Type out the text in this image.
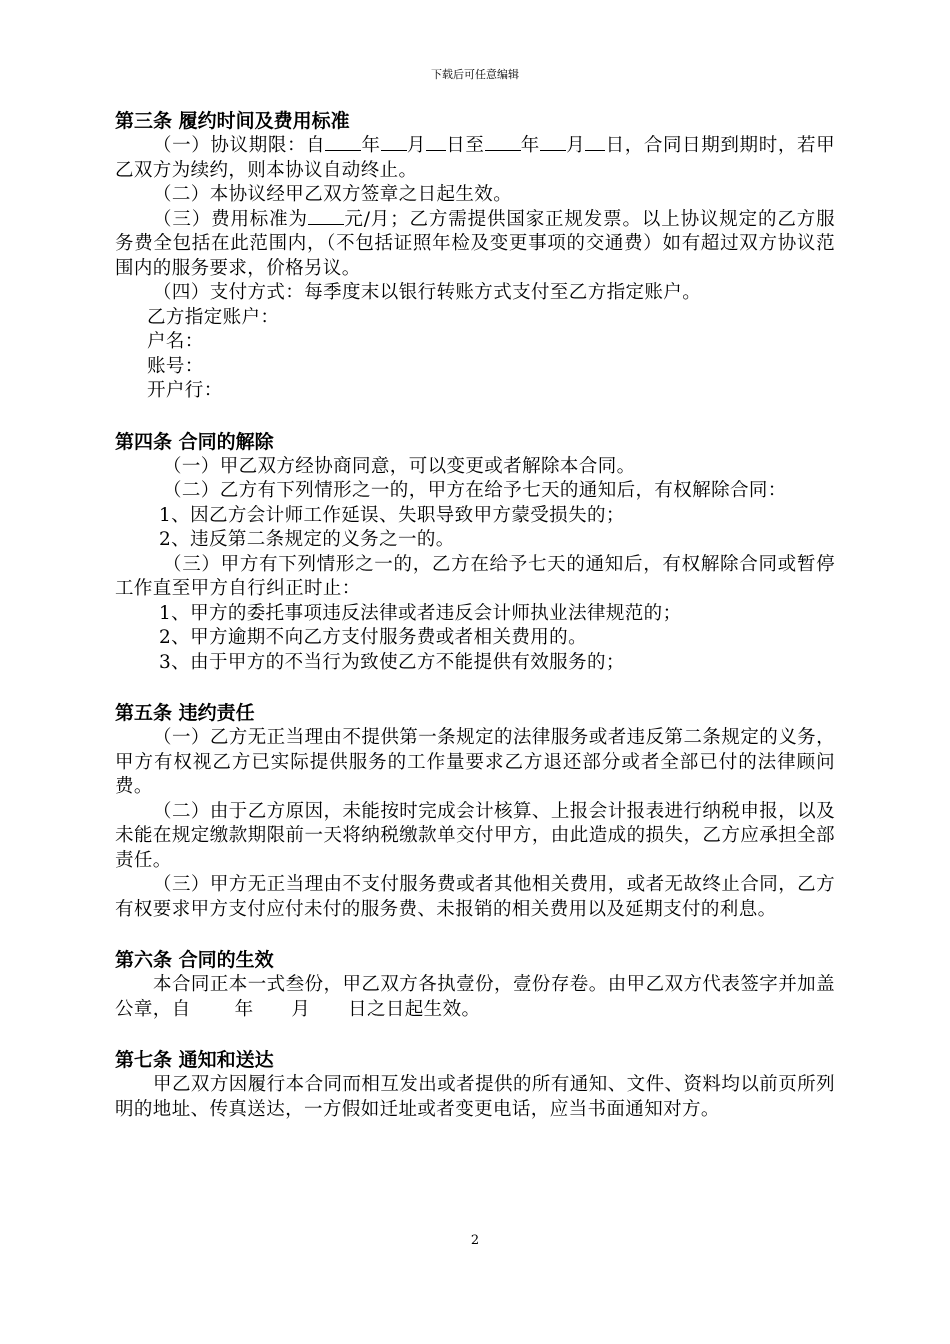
下载后可任意编辑
第三条 履约时间及费用标准
（一）协议期限：自 年 月 日至 年 月 日，合同日期到期时，若甲乙双方为续约，则本协议自动终止。
（二）本协议经甲乙双方签章之日起生效。
（三）费用标准为 元/月；乙方需提供国家正规发票。以上协议规定的乙方服务费全包括在此范围内，（不包括证照年检及变更事项的交通费）如有超过双方协议范围内的服务要求，价格另议。
（四）支付方式：每季度末以银行转账方式支付至乙方指定账户。
乙方指定账户：
户名：
账号：
开户行：
第四条 合同的解除
（一）甲乙双方经协商同意，可以变更或者解除本合同。
（二）乙方有下列情形之一的，甲方在给予七天的通知后，有权解除合同：
1、因乙方会计师工作延误、失职导致甲方蒙受损失的；
2、违反第二条规定的义务之一的。
（三）甲方有下列情形之一的，乙方在给予七天的通知后，有权解除合同或暂停工作直至甲方自行纠正时止：
1、甲方的委托事项违反法律或者违反会计师执业法律规范的；
2、甲方逾期不向乙方支付服务费或者相关费用的。
3、由于甲方的不当行为致使乙方不能提供有效服务的；
第五条 违约责任
（一）乙方无正当理由不提供第一条规定的法律服务或者违反第二条规定的义务，甲方有权视乙方已实际提供服务的工作量要求乙方退还部分或者全部已付的法律顾问费。
（二）由于乙方原因，未能按时完成会计核算、上报会计报表进行纳税申报，以及未能在规定缴款期限前一天将纳税缴款单交付甲方，由此造成的损失，乙方应承担全部责任。
（三）甲方无正当理由不支付服务费或者其他相关费用，或者无故终止合同，乙方有权要求甲方支付应付未付的服务费、未报销的相关费用以及延期支付的利息。
第六条 合同的生效
本合同正本一式叁份，甲乙双方各执壹份，壹份存卷。由甲乙双方代表签字并加盖公章，自　　 年　　月　　日之日起生效。
第七条 通知和送达
甲乙双方因履行本合同而相互发出或者提供的所有通知、文件、资料均以前页所列明的地址、传真送达，一方假如迁址或者变更电话，应当书面通知对方。
2
